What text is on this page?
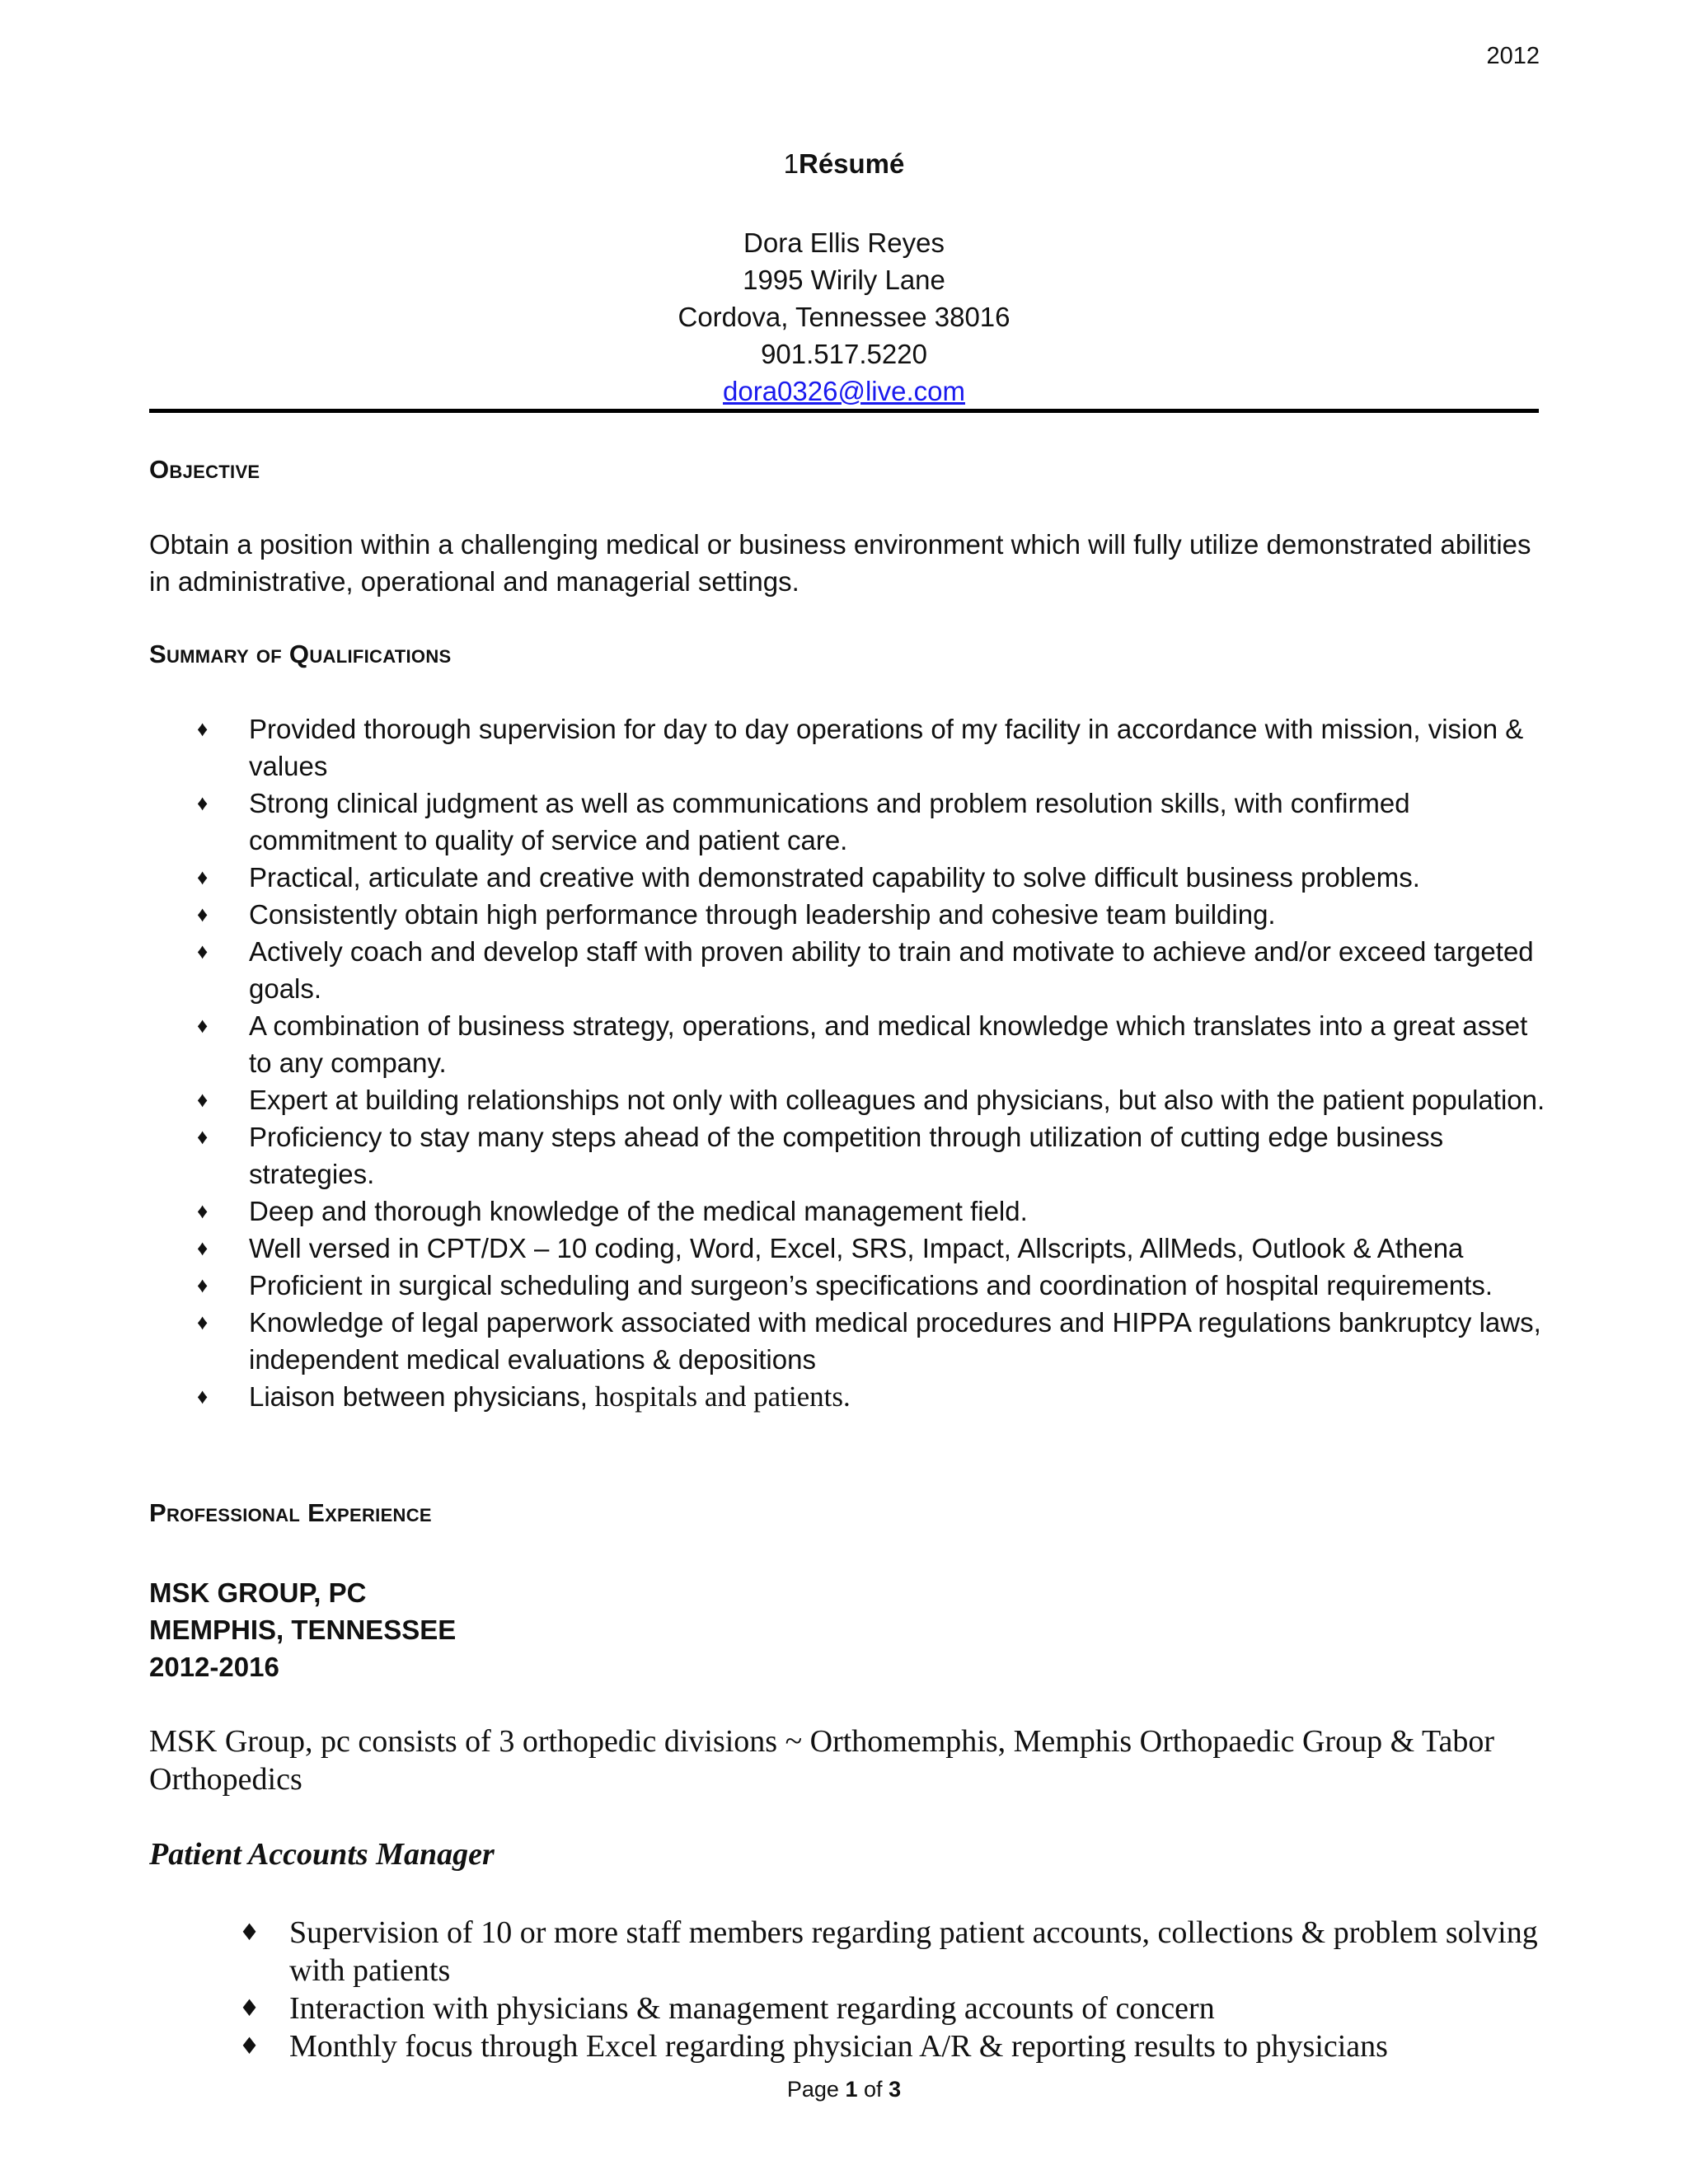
2012
1Résumé
Dora Ellis Reyes
1995 Wirily Lane
Cordova, Tennessee 38016
901.517.5220
dora0326@live.com
Objective
Obtain a position within a challenging medical or business environment which will fully utilize demonstrated abilities in administrative, operational and managerial settings.
Summary of Qualifications
♦ Provided thorough supervision for day to day operations of my facility in accordance with mission, vision & values
♦ Strong clinical judgment as well as communications and problem resolution skills, with confirmed commitment to quality of service and patient care.
♦ Practical, articulate and creative with demonstrated capability to solve difficult business problems.
♦ Consistently obtain high performance through leadership and cohesive team building.
♦ Actively coach and develop staff with proven ability to train and motivate to achieve and/or exceed targeted goals.
♦ A combination of business strategy, operations, and medical knowledge which translates into a great asset to any company.
♦ Expert at building relationships not only with colleagues and physicians, but also with the patient population.
♦ Proficiency to stay many steps ahead of the competition through utilization of cutting edge business strategies.
♦ Deep and thorough knowledge of the medical management field.
♦ Well versed in CPT/DX – 10 coding, Word, Excel, SRS, Impact, Allscripts, AllMeds, Outlook & Athena
♦ Proficient in surgical scheduling and surgeon’s specifications and coordination of hospital requirements.
♦ Knowledge of legal paperwork associated with medical procedures and HIPPA regulations bankruptcy laws, independent medical evaluations & depositions
♦ Liaison between physicians, hospitals and patients.
Professional Experience
MSK GROUP, PC
MEMPHIS, TENNESSEE
2012-2016
MSK Group, pc consists of 3 orthopedic divisions ~ Orthomemphis, Memphis Orthopaedic Group & Tabor Orthopedics
Patient Accounts Manager
♦ Supervision of 10 or more staff members regarding patient accounts, collections & problem solving with patients
♦ Interaction with physicians & management regarding accounts of concern
♦ Monthly focus through Excel regarding physician A/R & reporting results to physicians
Page 1 of 3
